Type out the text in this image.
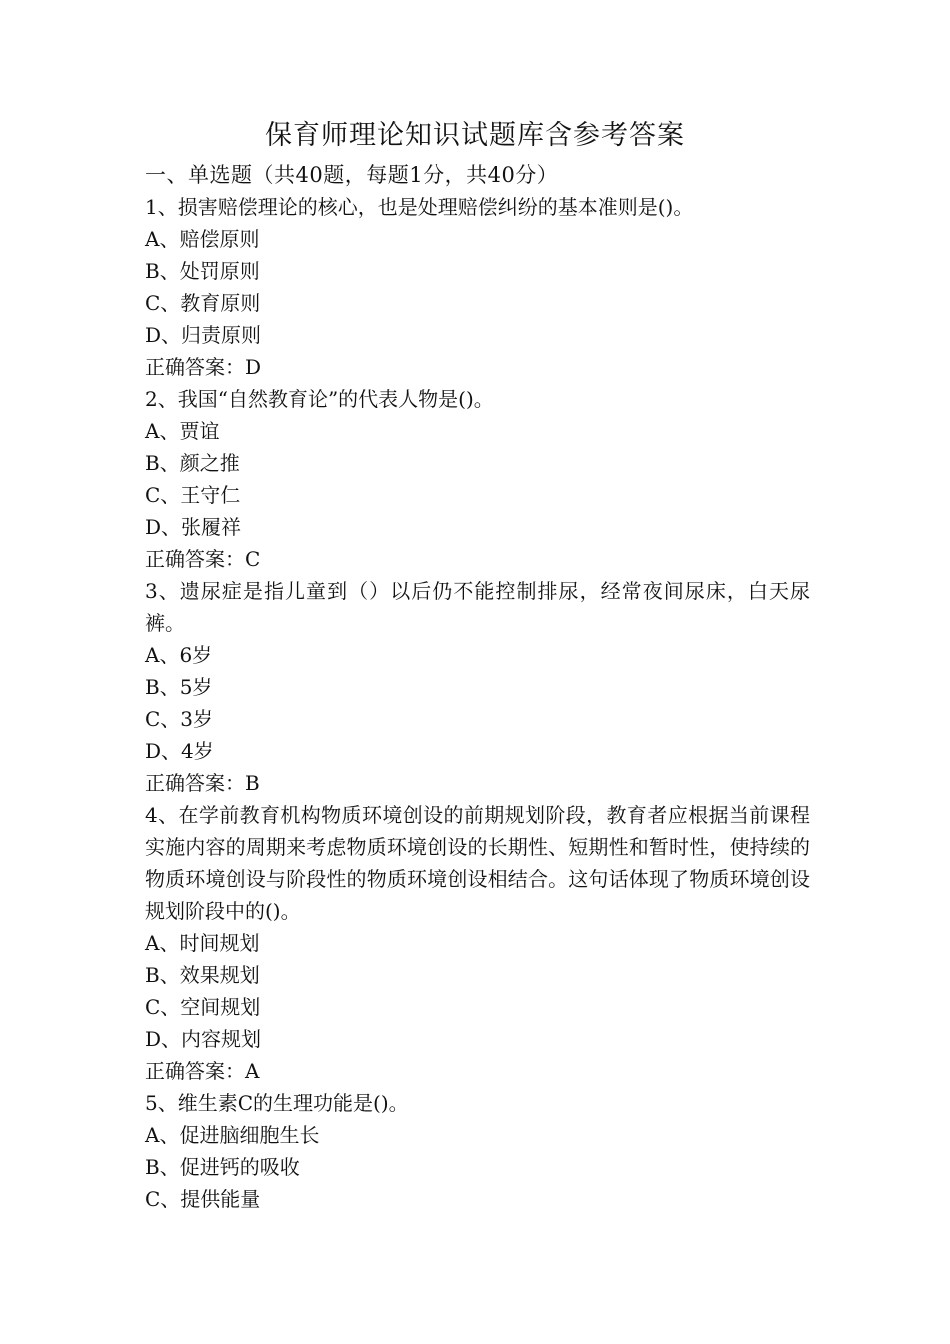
保育师理论知识试题库含参考答案
一、单选题（共40题，每题1分，共40分）
1、损害赔偿理论的核心，也是处理赔偿纠纷的基本准则是()。
A、赔偿原则
B、处罚原则
C、教育原则
D、归责原则
正确答案：D
2、我国“自然教育论”的代表人物是()。
A、贾谊
B、颜之推
C、王守仁
D、张履祥
正确答案：C
3、遗尿症是指儿童到（）以后仍不能控制排尿，经常夜间尿床，白天尿裤。
A、6岁
B、5岁
C、3岁
D、4岁
正确答案：B
4、在学前教育机构物质环境创设的前期规划阶段，教育者应根据当前课程实施内容的周期来考虑物质环境创设的长期性、短期性和暂时性，使持续的物质环境创设与阶段性的物质环境创设相结合。这句话体现了物质环境创设规划阶段中的()。
A、时间规划
B、效果规划
C、空间规划
D、内容规划
正确答案：A
5、维生素C的生理功能是()。
A、促进脑细胞生长
B、促进钙的吸收
C、提供能量
